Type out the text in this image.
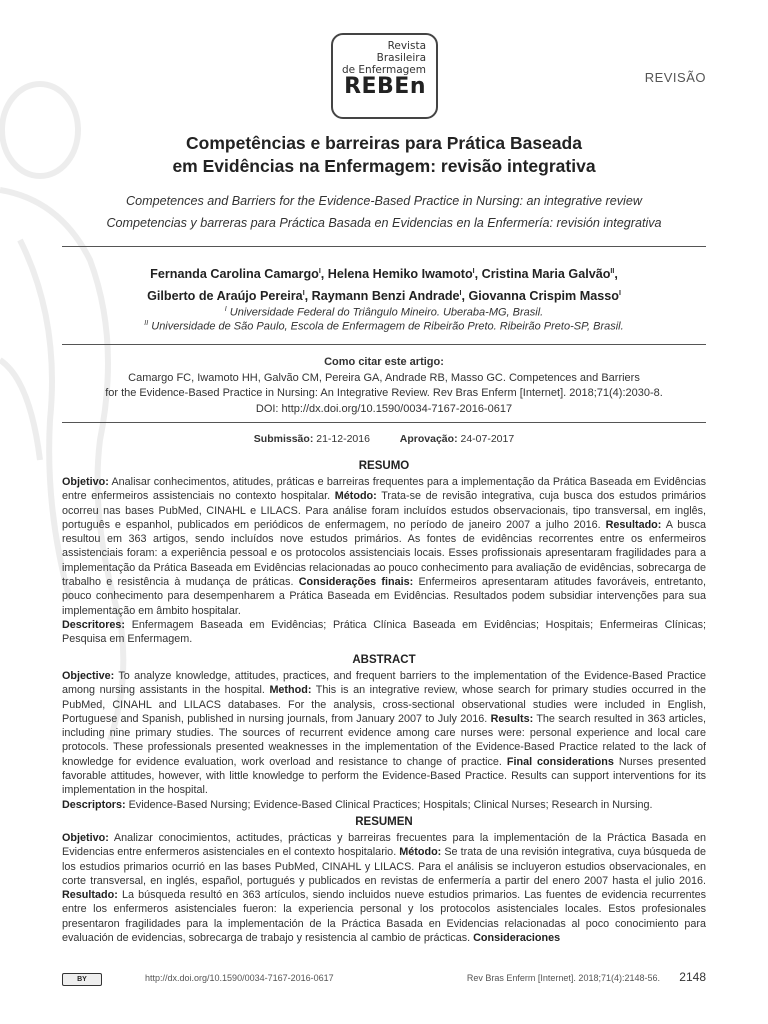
Revista
Brasileira
de Enfermagem
REBEn	REVISÃO
Competências e barreiras para Prática Baseada
em Evidências na Enfermagem: revisão integrativa
Competences and Barriers for the Evidence-Based Practice in Nursing: an integrative review
Competencias y barreras para Práctica Basada en Evidencias en la Enfermería: revisión integrativa
Fernanda Carolina Camargo$^I$, Helena Hemiko Iwamoto$^I$, Cristina Maria Galvão$^{II}$,
Gilberto de Araújo Pereira$^I$, Raymann Benzi Andrade$^I$, Giovanna Crispim Masso$^I$
$^I$ Universidade Federal do Triângulo Mineiro. Uberaba-MG, Brasil.
$^{II}$ Universidade de São Paulo, Escola de Enfermagem de Ribeirão Preto. Ribeirão Preto-SP, Brasil.
Como citar este artigo:
Camargo FC, Iwamoto HH, Galvão CM, Pereira GA, Andrade RB, Masso GC. Competences and Barriers
for the Evidence-Based Practice in Nursing: An Integrative Review. Rev Bras Enferm [Internet]. 2018;71(4):2030-8.
DOI: http://dx.doi.org/10.1590/0034-7167-2016-0617
Submissão: 21-12-2016	Aprovação: 24-07-2017
RESUMO

Objetivo: Analisar conhecimentos, atitudes, práticas e barreiras frequentes para a implementação da Prática Baseada em Evidências entre enfermeiros assistenciais no contexto hospitalar. Método: Trata-se de revisão integrativa, cuja busca dos estudos primários ocorreu nas bases PubMed, CINAHL e LILACS. Para análise foram incluídos estudos observacionais, tipo transversal, em inglês, português e espanhol, publicados em periódicos de enfermagem, no período de janeiro 2007 a julho 2016. Resultado: A busca resultou em 363 artigos, sendo incluídos nove estudos primários. As fontes de evidências recorrentes entre os enfermeiros assistenciais foram: a experiência pessoal e os protocolos assistenciais locais. Esses profissionais apresentaram fragilidades para a implementação da Prática Baseada em Evidências relacionadas ao pouco conhecimento para avaliação de evidências, sobrecarga de trabalho e resistência à mudança de práticas. Considerações finais: Enfermeiros apresentaram atitudes favoráveis, entretanto, pouco conhecimento para desempenharem a Prática Baseada em Evidências. Resultados podem subsidiar intervenções para sua implementação em âmbito hospitalar.

Descritores: Enfermagem Baseada em Evidências; Prática Clínica Baseada em Evidências; Hospitais; Enfermeiras Clínicas; Pesquisa em Enfermagem.

ABSTRACT

Objective: To analyze knowledge, attitudes, practices, and frequent barriers to the implementation of the Evidence-Based Practice among nursing assistants in the hospital. Method: This is an integrative review, whose search for primary studies occurred in the PubMed, CINAHL and LILACS databases. For the analysis, cross-sectional observational studies were included in English, Portuguese and Spanish, published in nursing journals, from January 2007 to July 2016. Results: The search resulted in 363 articles, including nine primary studies. The sources of recurrent evidence among care nurses were: personal experience and local care protocols. These professionals presented weaknesses in the implementation of the Evidence-Based Practice related to the lack of knowledge for evidence evaluation, work overload and resistance to change of practice. Final considerations Nurses presented favorable attitudes, however, with little knowledge to perform the Evidence-Based Practice. Results can support interventions for its implementation in the hospital.

Descriptors: Evidence-Based Nursing; Evidence-Based Clinical Practices; Hospitals; Clinical Nurses; Research in Nursing.

RESUMEN

Objetivo: Analizar conocimientos, actitudes, prácticas y barreiras frecuentes para la implementación de la Práctica Basada en Evidencias entre enfermeros asistenciales en el contexto hospitalario. Método: Se trata de una revisión integrativa, cuya búsqueda de los estudios primarios ocurrió en las bases PubMed, CINAHL y LILACS. Para el análisis se incluyeron estudios observacionales, en corte transversal, en inglés, español, portugués y publicados en revistas de enfermería a partir del enero 2007 hasta el julio 2016. Resultado: La búsqueda resultó en 363 artículos, siendo incluidos nueve estudios primarios. Las fuentes de evidencia recurrentes entre los enfermeros asistenciales fueron: la experiencia personal y los protocolos asistenciales locales. Estos profesionales presentaron fragilidades para la implementación de la Práctica Basada en Evidencias relacionadas al poco conocimiento para evaluación de evidencias, sobrecarga de trabajo y resistencia al cambio de prácticas. Consideraciones

BY	http://dx.doi.org/10.1590/0034-7167-2016-0617	Rev Bras Enferm [Internet]. 2018;71(4):2148-56. 2148
